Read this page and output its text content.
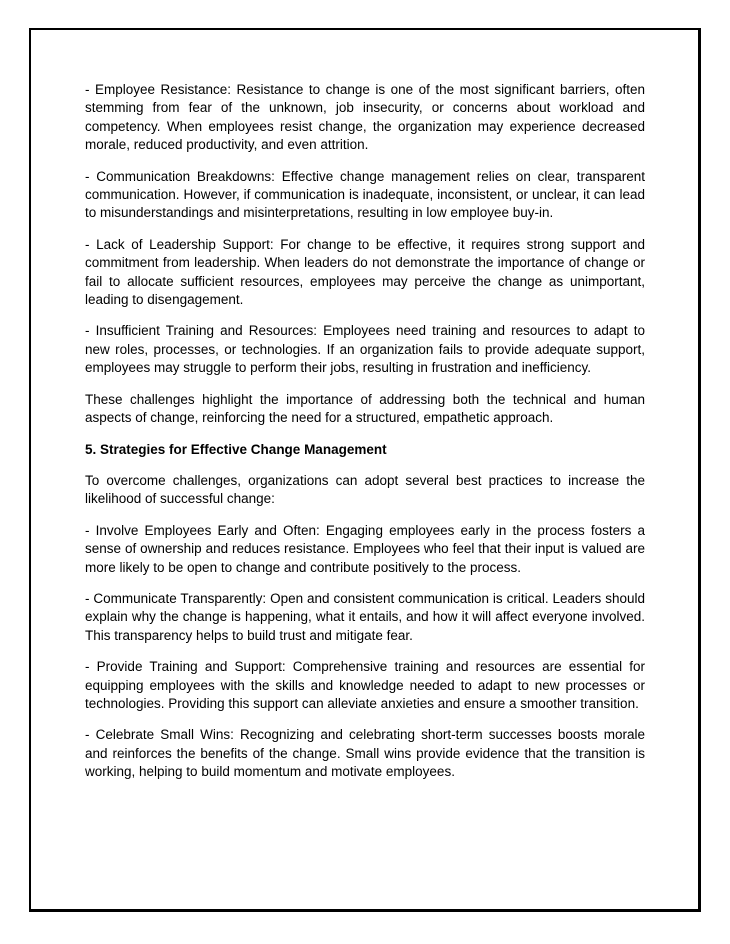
- Employee Resistance: Resistance to change is one of the most significant barriers, often stemming from fear of the unknown, job insecurity, or concerns about workload and competency. When employees resist change, the organization may experience decreased morale, reduced productivity, and even attrition.

- Communication Breakdowns: Effective change management relies on clear, transparent communication. However, if communication is inadequate, inconsistent, or unclear, it can lead to misunderstandings and misinterpretations, resulting in low employee buy-in.

- Lack of Leadership Support: For change to be effective, it requires strong support and commitment from leadership. When leaders do not demonstrate the importance of change or fail to allocate sufficient resources, employees may perceive the change as unimportant, leading to disengagement.

- Insufficient Training and Resources: Employees need training and resources to adapt to new roles, processes, or technologies. If an organization fails to provide adequate support, employees may struggle to perform their jobs, resulting in frustration and inefficiency.

These challenges highlight the importance of addressing both the technical and human aspects of change, reinforcing the need for a structured, empathetic approach.

5. Strategies for Effective Change Management

To overcome challenges, organizations can adopt several best practices to increase the likelihood of successful change:

- Involve Employees Early and Often: Engaging employees early in the process fosters a sense of ownership and reduces resistance. Employees who feel that their input is valued are more likely to be open to change and contribute positively to the process.

- Communicate Transparently: Open and consistent communication is critical. Leaders should explain why the change is happening, what it entails, and how it will affect everyone involved. This transparency helps to build trust and mitigate fear.

- Provide Training and Support: Comprehensive training and resources are essential for equipping employees with the skills and knowledge needed to adapt to new processes or technologies. Providing this support can alleviate anxieties and ensure a smoother transition.

- Celebrate Small Wins: Recognizing and celebrating short-term successes boosts morale and reinforces the benefits of the change. Small wins provide evidence that the transition is working, helping to build momentum and motivate employees.
